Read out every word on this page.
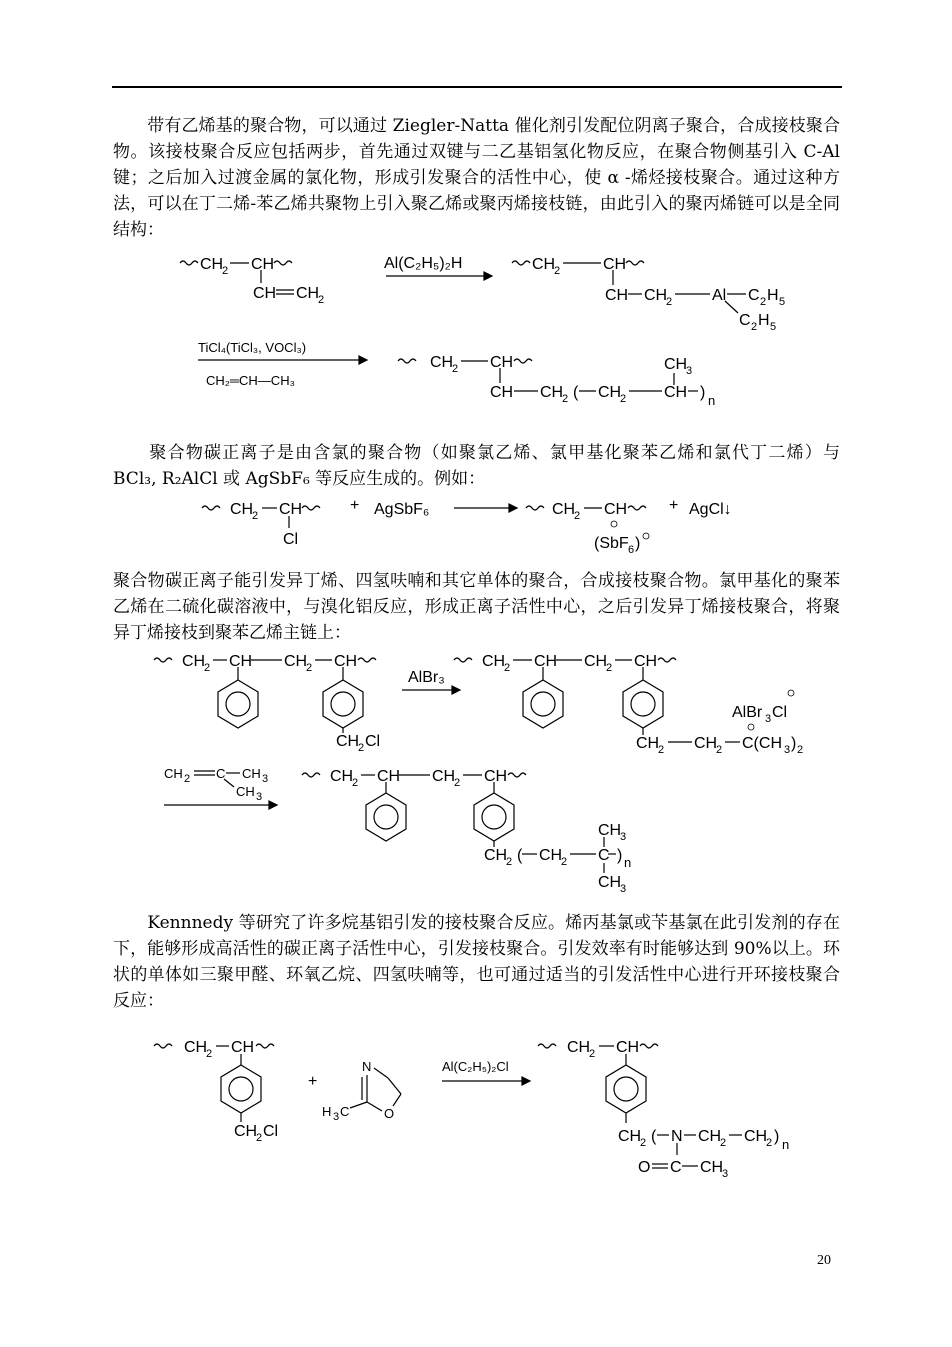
　　带有乙烯基的聚合物，可以通过 Ziegler-Natta 催化剂引发配位阴离子聚合，合成接枝聚合物。该接枝聚合反应包括两步，首先通过双键与二乙基铝氢化物反应，在聚合物侧基引入 C-Al 键；之后加入过渡金属的氯化物，形成引发聚合的活性中心，使 α -烯烃接枝聚合。通过这种方法，可以在丁二烯-苯乙烯共聚物上引入聚乙烯或聚丙烯接枝链，由此引入的聚丙烯链可以是全同结构：
CH
2 CH
CH CH
2
Al(C₂H₅)₂H	CH
2	CH
CH CH
2 Al C 2 H 5
C 2 H 5
TiCl₄(TiCl₃, VOCl₃)
CH₂═CH—CH₃
CH
2 CH
CH CH
2 ( CH
2 CH
CH
3
) n
　　聚合物碳正离子是由含氯的聚合物（如聚氯乙烯、氯甲基化聚苯乙烯和氯代丁二烯）与 BCl₃, R₂AlCl 或 AgSbF₆ 等反应生成的。例如：
CH
2 CH
Cl
+ AgSbF₆	CH
2 CH
(SbF 6 )
+ AgCl↓
聚合物碳正离子能引发异丁烯、四氢呋喃和其它单体的聚合，合成接枝聚合物。氯甲基化的聚苯乙烯在二硫化碳溶液中，与溴化铝反应，形成正离子活性中心，之后引发异丁烯接枝聚合，将聚异丁烯接枝到聚苯乙烯主链上：
CH
2 CH CH
2 CH
CH
2 Cl
AlBr₃
CH
2 CH CH
2 CH
CH
2 CH
2 C(CH 3 ) 2
AlBr 3 Cl
CH 2 C CH 3
CH 3
CH
2 CH CH
2 CH
CH
2 ( CH
2 C ) n
CH
3
CH
3
　　Kennnedy 等研究了许多烷基铝引发的接枝聚合反应。烯丙基氯或苄基氯在此引发剂的存在下，能够形成高活性的碳正离子活性中心，引发接枝聚合。引发效率有时能够达到 90%以上。环状的单体如三聚甲醛、环氧乙烷、四氢呋喃等，也可通过适当的引发活性中心进行开环接枝聚合反应：
CH
2 CH
CH
2 Cl
+
N
O
H 3 C
Al(C₂H₅)₂Cl
CH
2 CH
CH
2 ( N CH
2 CH
2 ) n
O C CH
3
20
